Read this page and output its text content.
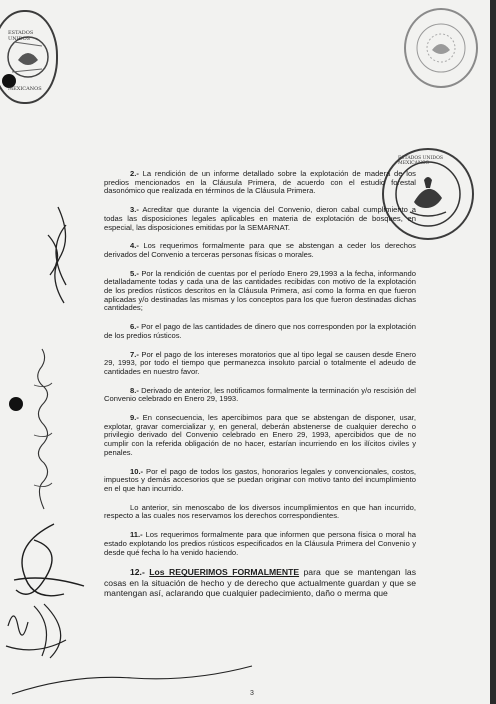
ESTADOS UNIDOS
MEXICANOS
ESTADOS UNIDOS MEXICANOS

2.- La rendición de un informe detallado sobre la explotación de madera de los predios mencionados en la Cláusula Primera, de acuerdo con el estudio forestal dasonómico que realizada en términos de la Cláusula Primera.

3.- Acreditar que durante la vigencia del Convenio, dieron cabal cumplimiento a todas las disposiciones legales aplicables en materia de explotación de bosques, en especial, las disposiciones emitidas por la SEMARNAT.

4.- Los requerimos formalmente para que se abstengan a ceder los derechos derivados del Convenio a terceras personas físicas o morales.

5.- Por la rendición de cuentas por el período Enero 29,1993 a la fecha, informando detalladamente todas y cada una de las cantidades recibidas con motivo de la explotación de los predios rústicos descritos en la Cláusula Primera, así como la forma en que fueron aplicadas y/o destinadas las mismas y los conceptos para los que fueron destinadas dichas cantidades;

6.- Por el pago de las cantidades de dinero que nos corresponden por la explotación de los predios rústicos.

7.- Por el pago de los intereses moratorios que al tipo legal se causen desde Enero 29, 1993, por todo el tiempo que permanezca insoluto parcial o totalmente el adeudo de cantidades en nuestro favor.

8.- Derivado de anterior, les notificamos formalmente la terminación y/o rescisión del Convenio celebrado en Enero 29, 1993.

9.- En consecuencia, les apercibimos para que se abstengan de disponer, usar, explotar, gravar comercializar y, en general, deberán abstenerse de cualquier derecho o privilegio derivado del Convenio celebrado en Enero 29, 1993, apercibidos que de no cumplir con la referida obligación de no hacer, estarían incurriendo en los ilícitos civiles y penales.

10.- Por el pago de todos los gastos, honorarios legales y convencionales, costos, impuestos y demás accesorios que se puedan originar con motivo tanto del incumplimiento en el que han incurrido.

Lo anterior, sin menoscabo de los diversos incumplimientos en que han incurrido, respecto a las cuales nos reservamos los derechos correspondientes.

11.- Los requerimos formalmente para que informen que persona física o moral ha estado explotando los predios rústicos especificados en la Cláusula Primera del Convenio y desde qué fecha lo ha venido haciendo.

12.- Los REQUERIMOS FORMALMENTE para que se mantengan las cosas en la situación de hecho y de derecho que actualmente guardan y que se mantengan así, aclarando que cualquier padecimiento, daño o merma que

3
